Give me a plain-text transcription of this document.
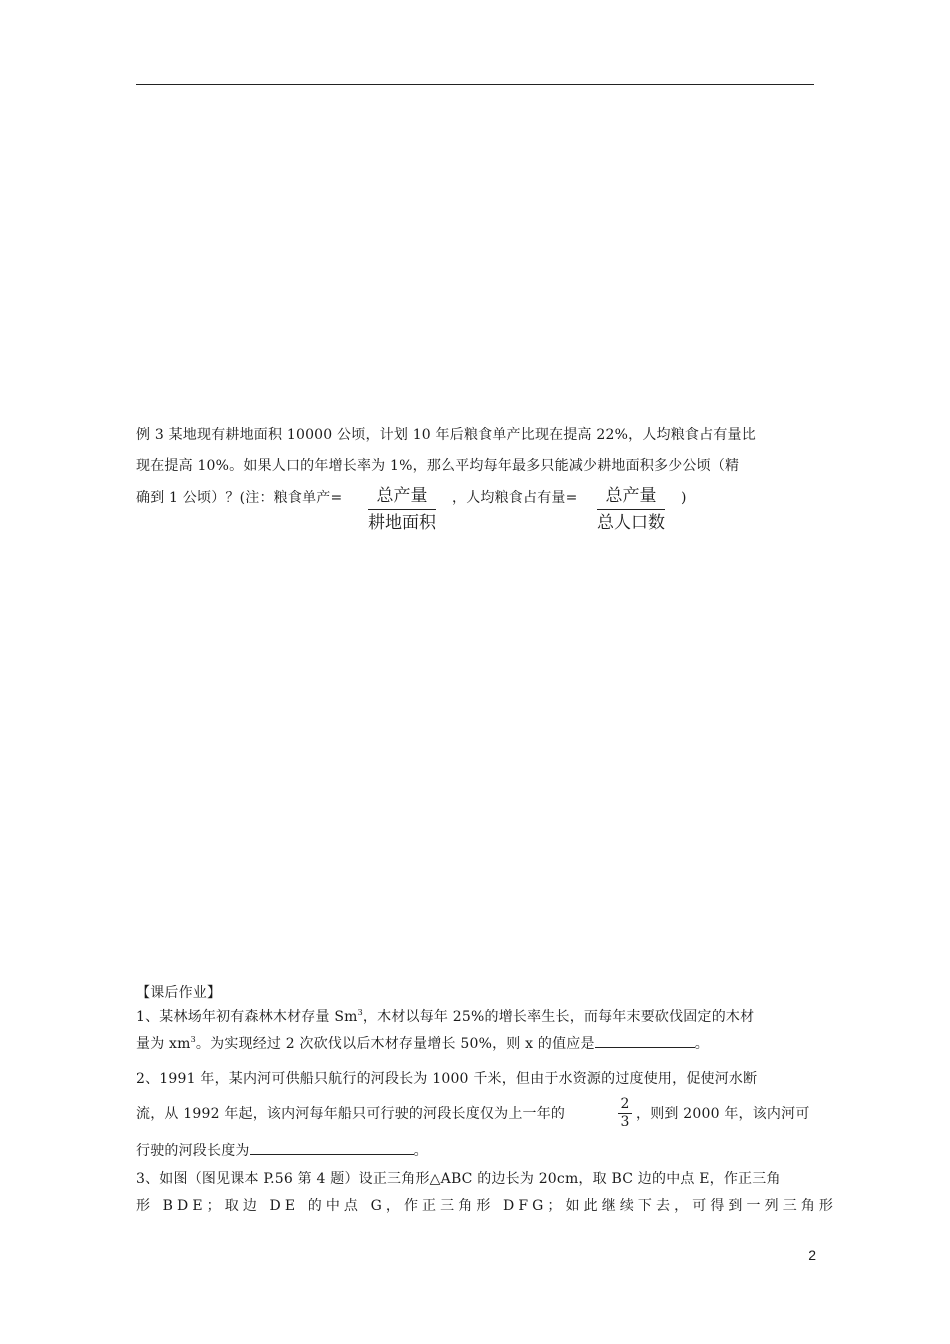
例 3 某地现有耕地面积 10000 公顷，计划 10 年后粮食单产比现在提高 22%，人均粮食占有量比
现在提高 10%。如果人口的年增长率为 1%，那么平均每年最多只能减少耕地面积多少公顷（精
确到 1 公顷）？(注：粮食单产=	总产量
耕地面积
，人均粮食占有量=	总产量
总人口数
)
【课后作业】
1、某林场年初有森林木材存量 Sm$^3$，木材以每年 25%的增长率生长，而每年末要砍伐固定的木材
量为 $xm^3$。为实现经过 2 次砍伐以后木材存量增长 50%，则 x 的值应是	。
2、1991 年，某内河可供船只航行的河段长为 1000 千米，但由于水资源的过度使用，促使河水断
流，从 1992 年起，该内河每年船只可行驶的河段长度仅为上一年的	$\frac{2}{3}$ ，则到 2000 年，该内河可
行驶的河段长度为	。
3、如图（图见课本 P.56 第 4 题）设正三角形△ABC 的边长为 20cm，取 BC 边的中点 E，作正三角
形 BDE；取边 DE 的中点 G，作正三角形 DFG；如此继续下去，可得到一列三角形
2
